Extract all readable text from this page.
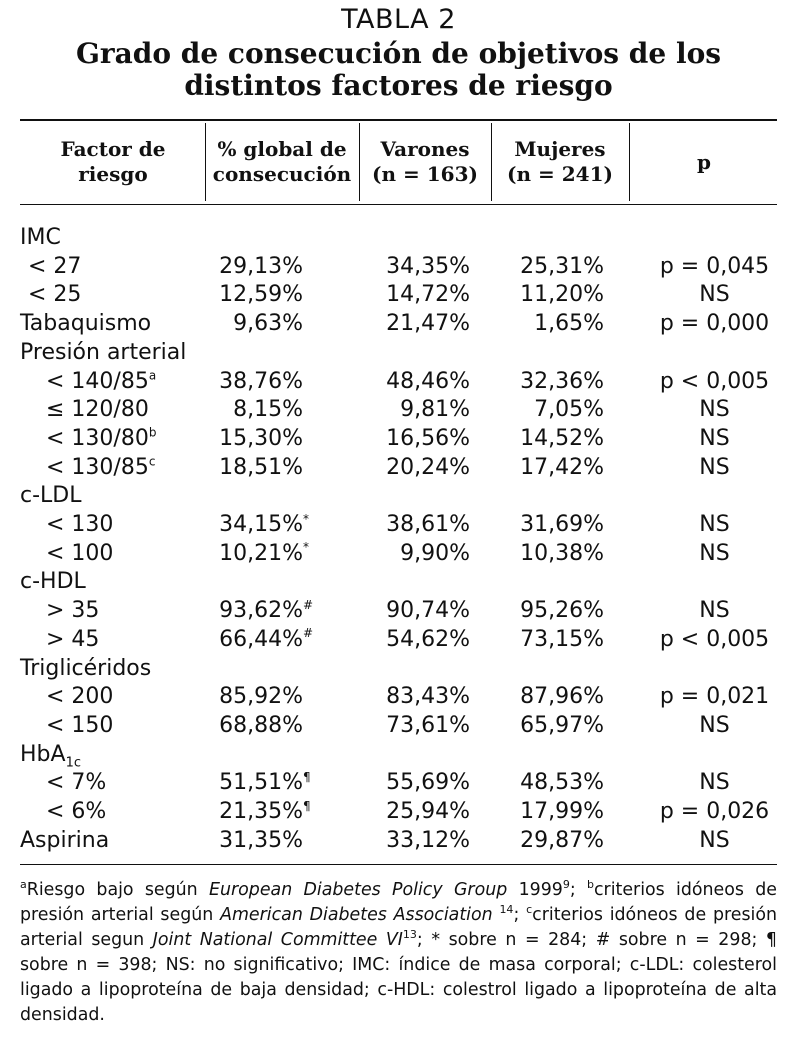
TABLA 2
Grado de consecución de objetivos de los
distintos factores de riesgo
Factor de
riesgo
% global de
consecución
Varones
(n = 163)
Mujeres
(n = 241)
p
IMC
< 27	29,13%	34,35% 25,31%	p = 0,045
< 25	12,59%	14,72% 11,20%	NS
Tabaquismo	9,63%	21,47%	1,65%	p = 0,000
Presión arterial
< $140/85^a$	38,76%	48,46% 32,36%	p < 0,005
≤ 120/80	8,15%	9,81%	7,05%	NS
< $130/80^b$	15,30%	16,56% 14,52%	NS
< $130/85^c$	18,51%	20,24% 17,42%	NS
c-LDL
< 130	34,15%*	38,61% 31,69%	NS
< 100	10,21%*	9,90% 10,38%	NS
c-HDL
> 35	93,62%#	90,74% 95,26%	NS
> 45	66,44%#	54,62% 73,15%	p < 0,005
Triglicéridos
< 200	85,92%	83,43% 87,96%	p = 0,021
< 150	68,88%	73,61% 65,97%	NS
HbA$_{1c}$
< 7%	51,51%¶	55,69% 48,53%	NS
< 6%	21,35%¶	25,94% 17,99%	p = 0,026
Aspirina	31,35%	33,12% 29,87%	NS
$^a$Riesgo bajo según European Diabetes Policy Group 1999$^9$; $^b$criterios idóneos de presión arterial según American Diabetes Association $^{14}$; $^c$criterios idóneos de presión arterial segun Joint National Committee VI$^{13}$; * sobre n = 284; # sobre n = 298; ¶ sobre n = 398; NS: no significativo; IMC: índice de masa corporal; c-LDL: colesterol ligado a lipoproteína de baja densidad; c-HDL: colestrol ligado a lipoproteína de alta densidad.
